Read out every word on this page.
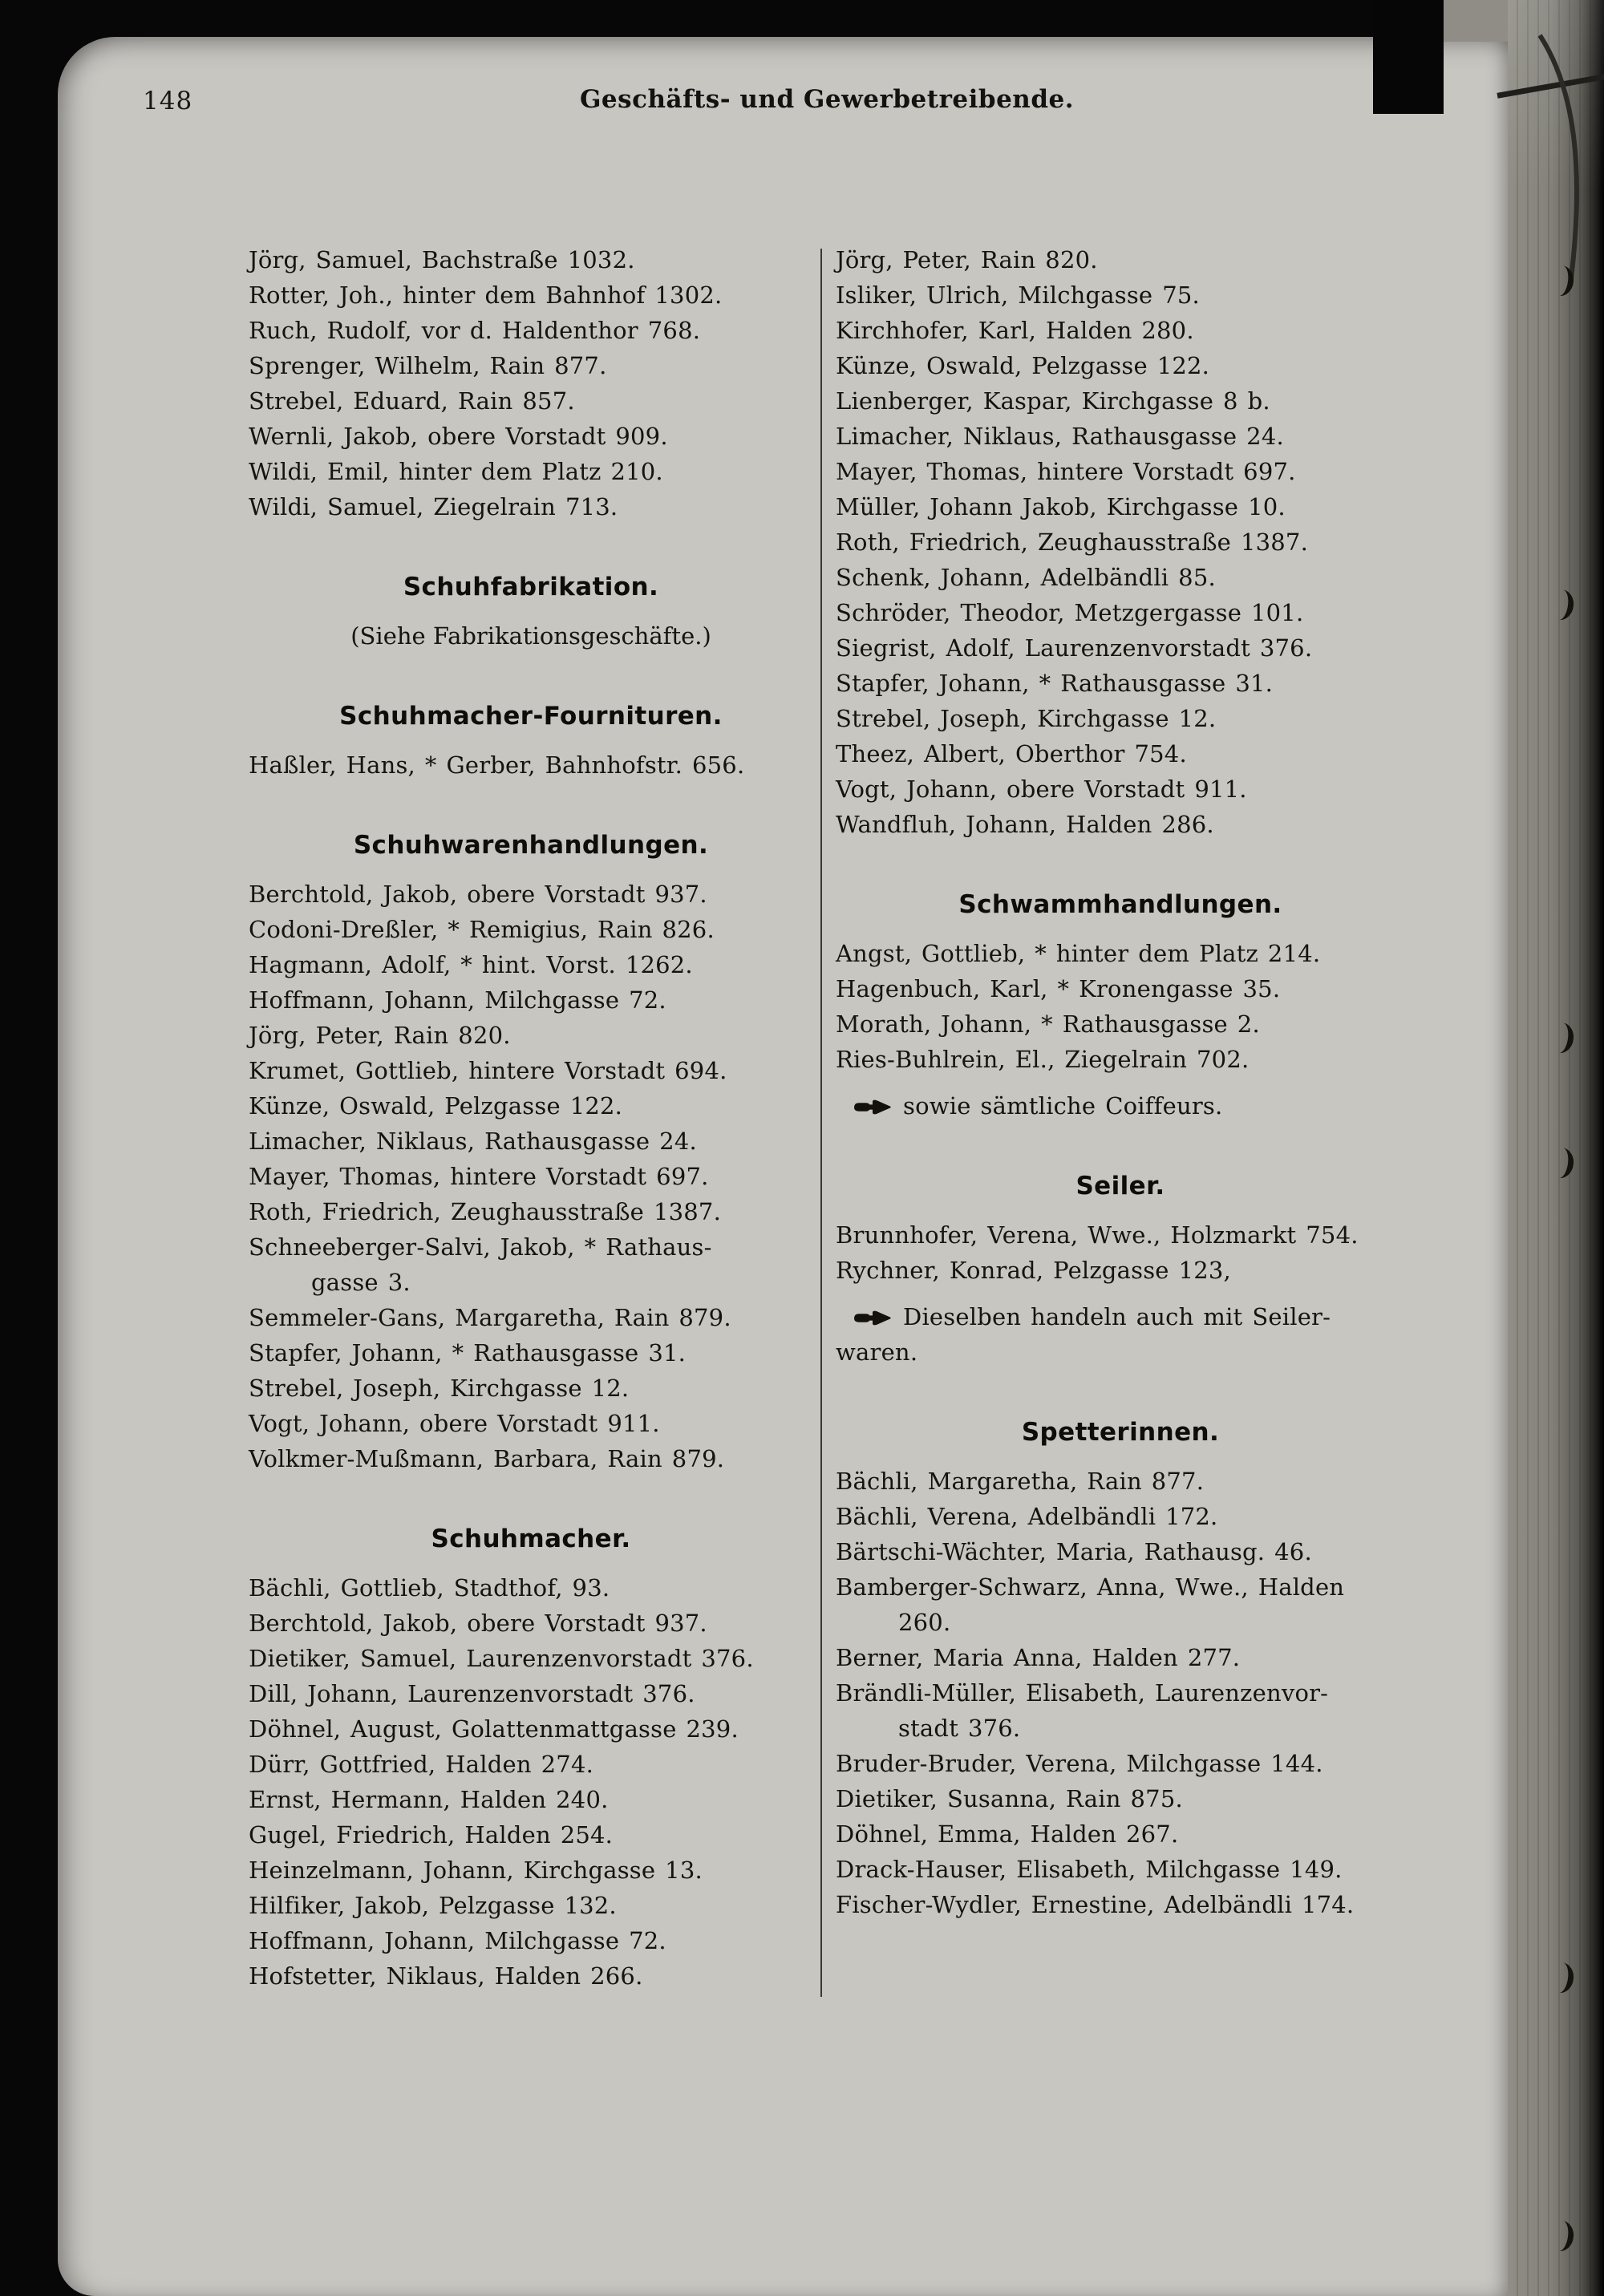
148	Geschäfts- und Gewerbetreibende.
Jörg, Samuel, Bachstraße 1032.
Rotter, Joh., hinter dem Bahnhof 1302.
Ruch, Rudolf, vor d. Haldenthor 768.
Sprenger, Wilhelm, Rain 877.
Strebel, Eduard, Rain 857.
Wernli, Jakob, obere Vorstadt 909.
Wildi, Emil, hinter dem Platz 210.
Wildi, Samuel, Ziegelrain 713.
Schuhfabrikation.
(Siehe Fabrikationsgeschäfte.)
Schuhmacher-Fournituren.
Haßler, Hans, * Gerber, Bahnhofstr. 656.
Schuhwarenhandlungen.
Berchtold, Jakob, obere Vorstadt 937.
Codoni-Dreßler, * Remigius, Rain 826.
Hagmann, Adolf, * hint. Vorst. 1262.
Hoffmann, Johann, Milchgasse 72.
Jörg, Peter, Rain 820.
Krumet, Gottlieb, hintere Vorstadt 694.
Künze, Oswald, Pelzgasse 122.
Limacher, Niklaus, Rathausgasse 24.
Mayer, Thomas, hintere Vorstadt 697.
Roth, Friedrich, Zeughausstraße 1387.
Schneeberger-Salvi, Jakob, * Rathaus-
gasse 3.
Semmeler-Gans, Margaretha, Rain 879.
Stapfer, Johann, * Rathausgasse 31.
Strebel, Joseph, Kirchgasse 12.
Vogt, Johann, obere Vorstadt 911.
Volkmer-Mußmann, Barbara, Rain 879.
Schuhmacher.
Bächli, Gottlieb, Stadthof, 93.
Berchtold, Jakob, obere Vorstadt 937.
Dietiker, Samuel, Laurenzenvorstadt 376.
Dill, Johann, Laurenzenvorstadt 376.
Döhnel, August, Golattenmattgasse 239.
Dürr, Gottfried, Halden 274.
Ernst, Hermann, Halden 240.
Gugel, Friedrich, Halden 254.
Heinzelmann, Johann, Kirchgasse 13.
Hilfiker, Jakob, Pelzgasse 132.
Hoffmann, Johann, Milchgasse 72.
Hofstetter, Niklaus, Halden 266.
Jörg, Peter, Rain 820.
Isliker, Ulrich, Milchgasse 75.
Kirchhofer, Karl, Halden 280.
Künze, Oswald, Pelzgasse 122.
Lienberger, Kaspar, Kirchgasse 8 b.
Limacher, Niklaus, Rathausgasse 24.
Mayer, Thomas, hintere Vorstadt 697.
Müller, Johann Jakob, Kirchgasse 10.
Roth, Friedrich, Zeughausstraße 1387.
Schenk, Johann, Adelbändli 85.
Schröder, Theodor, Metzgergasse 101.
Siegrist, Adolf, Laurenzenvorstadt 376.
Stapfer, Johann, * Rathausgasse 31.
Strebel, Joseph, Kirchgasse 12.
Theez, Albert, Oberthor 754.
Vogt, Johann, obere Vorstadt 911.
Wandfluh, Johann, Halden 286.
Schwammhandlungen.
Angst, Gottlieb, * hinter dem Platz 214.
Hagenbuch, Karl, * Kronengasse 35.
Morath, Johann, * Rathausgasse 2.
Ries-Buhlrein, El., Ziegelrain 702.
sowie sämtliche Coiffeurs.
Seiler.
Brunnhofer, Verena, Wwe., Holzmarkt 754.
Rychner, Konrad, Pelzgasse 123,
Dieselben handeln auch mit Seiler-
waren.
Spetterinnen.
Bächli, Margaretha, Rain 877.
Bächli, Verena, Adelbändli 172.
Bärtschi-Wächter, Maria, Rathausg. 46.
Bamberger-Schwarz, Anna, Wwe., Halden
260.
Berner, Maria Anna, Halden 277.
Brändli-Müller, Elisabeth, Laurenzenvor-
stadt 376.
Bruder-Bruder, Verena, Milchgasse 144.
Dietiker, Susanna, Rain 875.
Döhnel, Emma, Halden 267.
Drack-Hauser, Elisabeth, Milchgasse 149.
Fischer-Wydler, Ernestine, Adelbändli 174.
